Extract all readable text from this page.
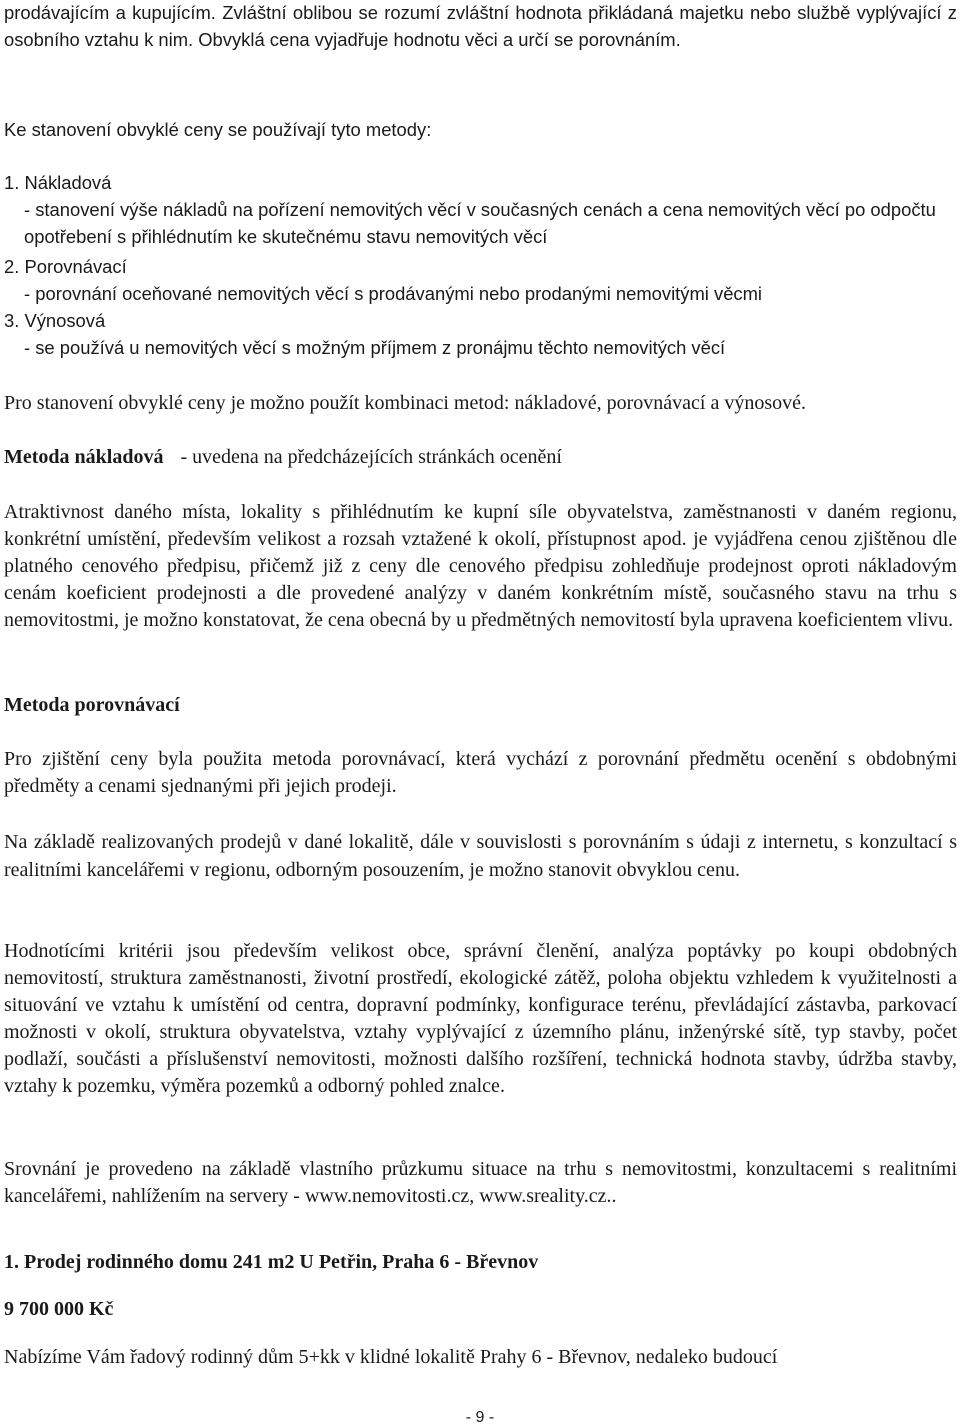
prodávajícím a kupujícím. Zvláštní oblibou se rozumí zvláštní hodnota přikládaná majetku nebo službě vyplývající z osobního vztahu k nim. Obvyklá cena vyjadřuje hodnotu věci a určí se porovnáním.

Ke stanovení obvyklé ceny se používají tyto metody:

1. Nákladová

- stanovení výše nákladů na pořízení nemovitých věcí v současných cenách a cena nemovitých věcí po odpočtu opotřebení s přihlédnutím ke skutečnému stavu nemovitých věcí

2. Porovnávací

- porovnání oceňované nemovitých věcí s prodávanými nebo prodanými nemovitými věcmi

3. Výnosová

- se používá u nemovitých věcí s možným příjmem z pronájmu těchto nemovitých věcí

Pro stanovení obvyklé ceny je možno použít kombinaci metod: nákladové, porovnávací a výnosové.

Metoda nákladová - uvedena na předcházejících stránkách ocenění

Atraktivnost daného místa, lokality s přihlédnutím ke kupní síle obyvatelstva, zaměstnanosti v daném regionu, konkrétní umístění, především velikost a rozsah vztažené k okolí, přístupnost apod. je vyjádřena cenou zjištěnou dle platného cenového předpisu, přičemž již z ceny dle cenového předpisu zohledňuje prodejnost oproti nákladovým cenám koeficient prodejnosti a dle provedené analýzy v daném konkrétním místě, současného stavu na trhu s nemovitostmi, je možno konstatovat, že cena obecná by u předmětných nemovitostí byla upravena koeficientem vlivu.

Metoda porovnávací

Pro zjištění ceny byla použita metoda porovnávací, která vychází z porovnání předmětu ocenění s obdobnými předměty a cenami sjednanými při jejich prodeji.

Na základě realizovaných prodejů v dané lokalitě, dále v souvislosti s porovnáním s údaji z internetu, s konzultací s realitními kancelářemi v regionu, odborným posouzením, je možno stanovit obvyklou cenu.

Hodnotícími kritérii jsou především velikost obce, správní členění, analýza poptávky po koupi obdobných nemovitostí, struktura zaměstnanosti, životní prostředí, ekologické zátěž, poloha objektu vzhledem k využitelnosti a situování ve vztahu k umístění od centra, dopravní podmínky, konfigurace terénu, převládající zástavba, parkovací možnosti v okolí, struktura obyvatelstva, vztahy vyplývající z územního plánu, inženýrské sítě, typ stavby, počet podlaží, součásti a příslušenství nemovitosti, možnosti dalšího rozšíření, technická hodnota stavby, údržba stavby, vztahy k pozemku, výměra pozemků a odborný pohled znalce.

Srovnání je provedeno na základě vlastního průzkumu situace na trhu s nemovitostmi, konzultacemi s realitními kancelářemi, nahlížením na servery - www.nemovitosti.cz, www.sreality.cz..

1. Prodej rodinného domu 241 m2 U Petřin, Praha 6 - Břevnov

9 700 000 Kč

Nabízíme Vám řadový rodinný dům 5+kk v klidné lokalitě Prahy 6 - Břevnov, nedaleko budoucí

- 9 -
